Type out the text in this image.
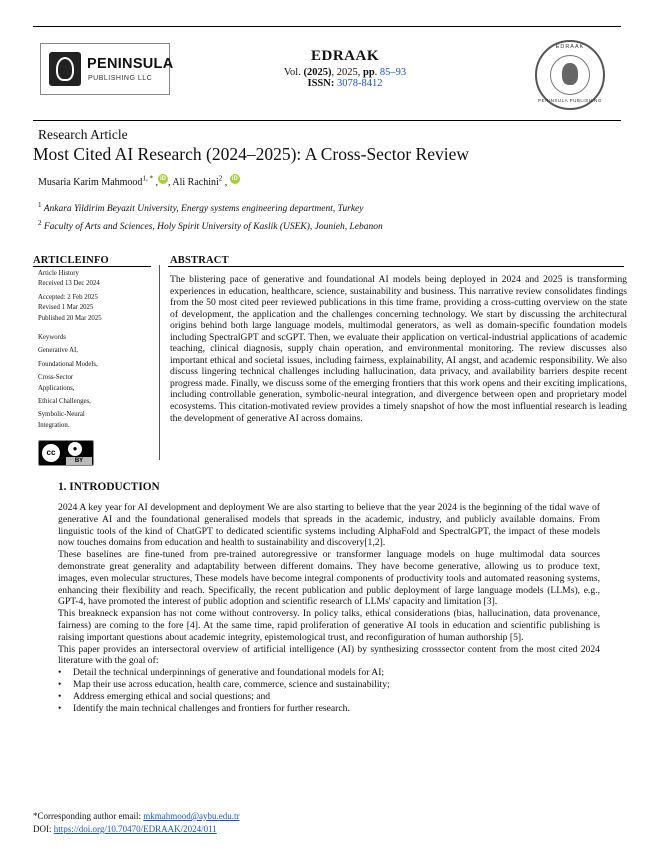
PENINSULA
PUBLISHING LLC
EDRAAK
Vol. (2025), 2025, pp. 85–93
ISSN: 3078-8412
EDRAAK
PENINSULA PUBLISHING
Research Article
Most Cited AI Research (2024–2025): A Cross-Sector Review
Musaria Karim Mahmood$^{1, *}$ , iD , Ali Rachini$^2$ , iD
$^1$ Ankara Yildirim Beyazit University, Energy systems engineering department, Turkey
$^2$ Faculty of Arts and Sciences, Holy Spirit University of Kaslik (USEK), Jounieh, Lebanon
ARTICLEINFO	ABSTRACT
Article History
Received 13 Dec 2024
Accepted: 2 Feb 2025
Revised 1 Mar 2025
Published 20 Mar 2025
Keywords
Generative AI,
Foundational Models,
Cross-Sector Applications,
Ethical Challenges,
Symbolic-Neural Integration.
cc	●
BY
The blistering pace of generative and foundational AI models being deployed in 2024 and 2025 is transforming experiences in education, healthcare, science, sustainability and business. This narrative review consolidates findings from the 50 most cited peer reviewed publications in this time frame, providing a cross-cutting overview on the state of development, the application and the challenges concerning technology. We start by discussing the architectural origins behind both large language models, multimodal generators, as well as domain-specific foundation models including SpectralGPT and scGPT. Then, we evaluate their application on vertical-industrial applications of academic teaching, clinical diagnosis, supply chain operation, and environmental monitoring. The review discusses also important ethical and societal issues, including fairness, explainability, AI angst, and academic responsibility. We also discuss lingering technical challenges including hallucination, data privacy, and availability barriers despite recent progress made. Finally, we discuss some of the emerging frontiers that this work opens and their exciting implications, including controllable generation, symbolic-neural integration, and divergence between open and proprietary model ecosystems. This citation-motivated review provides a timely snapshot of how the most influential research is leading the development of generative AI across domains.
1. INTRODUCTION

2024 A key year for AI development and deployment We are also starting to believe that the year 2024 is the beginning of the tidal wave of generative AI and the foundational generalised models that spreads in the academic, industry, and publicly available domains. From linguistic tools of the kind of ChatGPT to dedicated scientific systems including AlphaFold and SpectralGPT, the impact of these models now touches domains from education and health to sustainability and discovery[1,2].

These baselines are fine-tuned from pre-trained autoregressive or transformer language models on huge multimodal data sources demonstrate great generality and adaptability between different domains. They have become generative, allowing us to produce text, images, even molecular structures, These models have become integral components of productivity tools and automated reasoning systems, enhancing their flexibility and reach. Specifically, the recent publication and public deployment of large language models (LLMs), e.g., GPT-4, have promoted the interest of public adoption and scientific research of LLMs' capacity and limitation [3].

This breakneck expansion has not come without controversy. In policy talks, ethical considerations (bias, hallucination, data provenance, fairness) are coming to the fore [4]. At the same time, rapid proliferation of generative AI tools in education and scientific publishing is raising important questions about academic integrity, epistemological trust, and reconfiguration of human authorship [5].

This paper provides an intersectoral overview of artificial intelligence (AI) by synthesizing crosssector content from the most cited 2024 literature with the goal of:

• Detail the technical underpinnings of generative and foundational models for AI;
• Map their use across education, health care, commerce, science and sustainability;
• Address emerging ethical and social questions; and
• Identify the main technical challenges and frontiers for further research.
*Corresponding author email: mkmahmood@aybu.edu.tr
DOI: https://doi.org/10.70470/EDRAAK/2024/011
